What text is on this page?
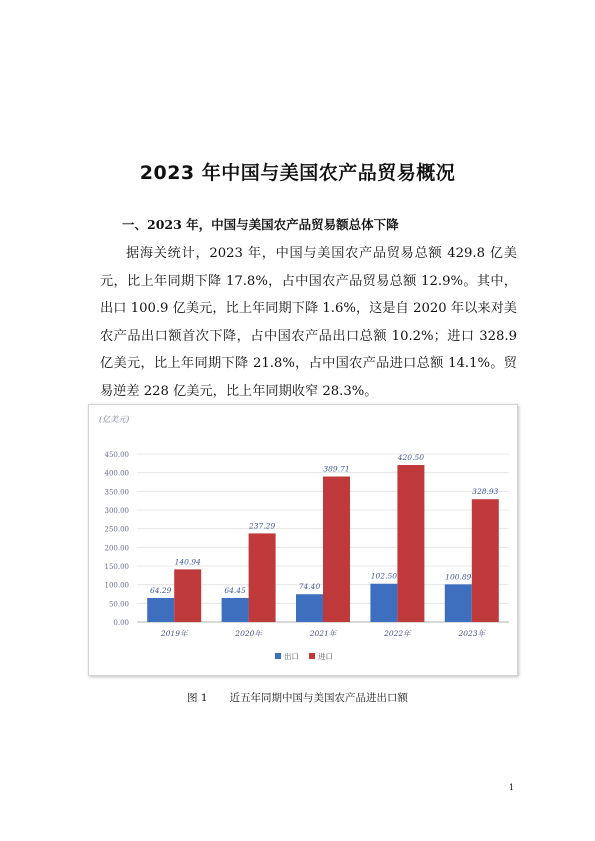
2023 年中国与美国农产品贸易概况
一、2023 年，中国与美国农产品贸易额总体下降
据海关统计，2023 年，中国与美国农产品贸易总额 429.8 亿美元，比上年同期下降 17.8%，占中国农产品贸易总额 12.9%。其中，出口 100.9 亿美元，比上年同期下降 1.6%，这是自 2020 年以来对美农产品出口额首次下降，占中国农产品出口总额 10.2%；进口 328.9 亿美元，比上年同期下降 21.8%，占中国农产品进口总额 14.1%。贸易逆差 228 亿美元，比上年同期收窄 28.3%。
(亿美元)
0.00
50.00
100.00
150.00
200.00
250.00
300.00
350.00
400.00
450.00
64.29
140.94
2019年
64.45
237.29
2020年
74.40
389.71
2021年
102.50
420.50
2022年
100.89
328.93
2023年
出口	进口
图 1 近五年同期中国与美国农产品进出口额
1
